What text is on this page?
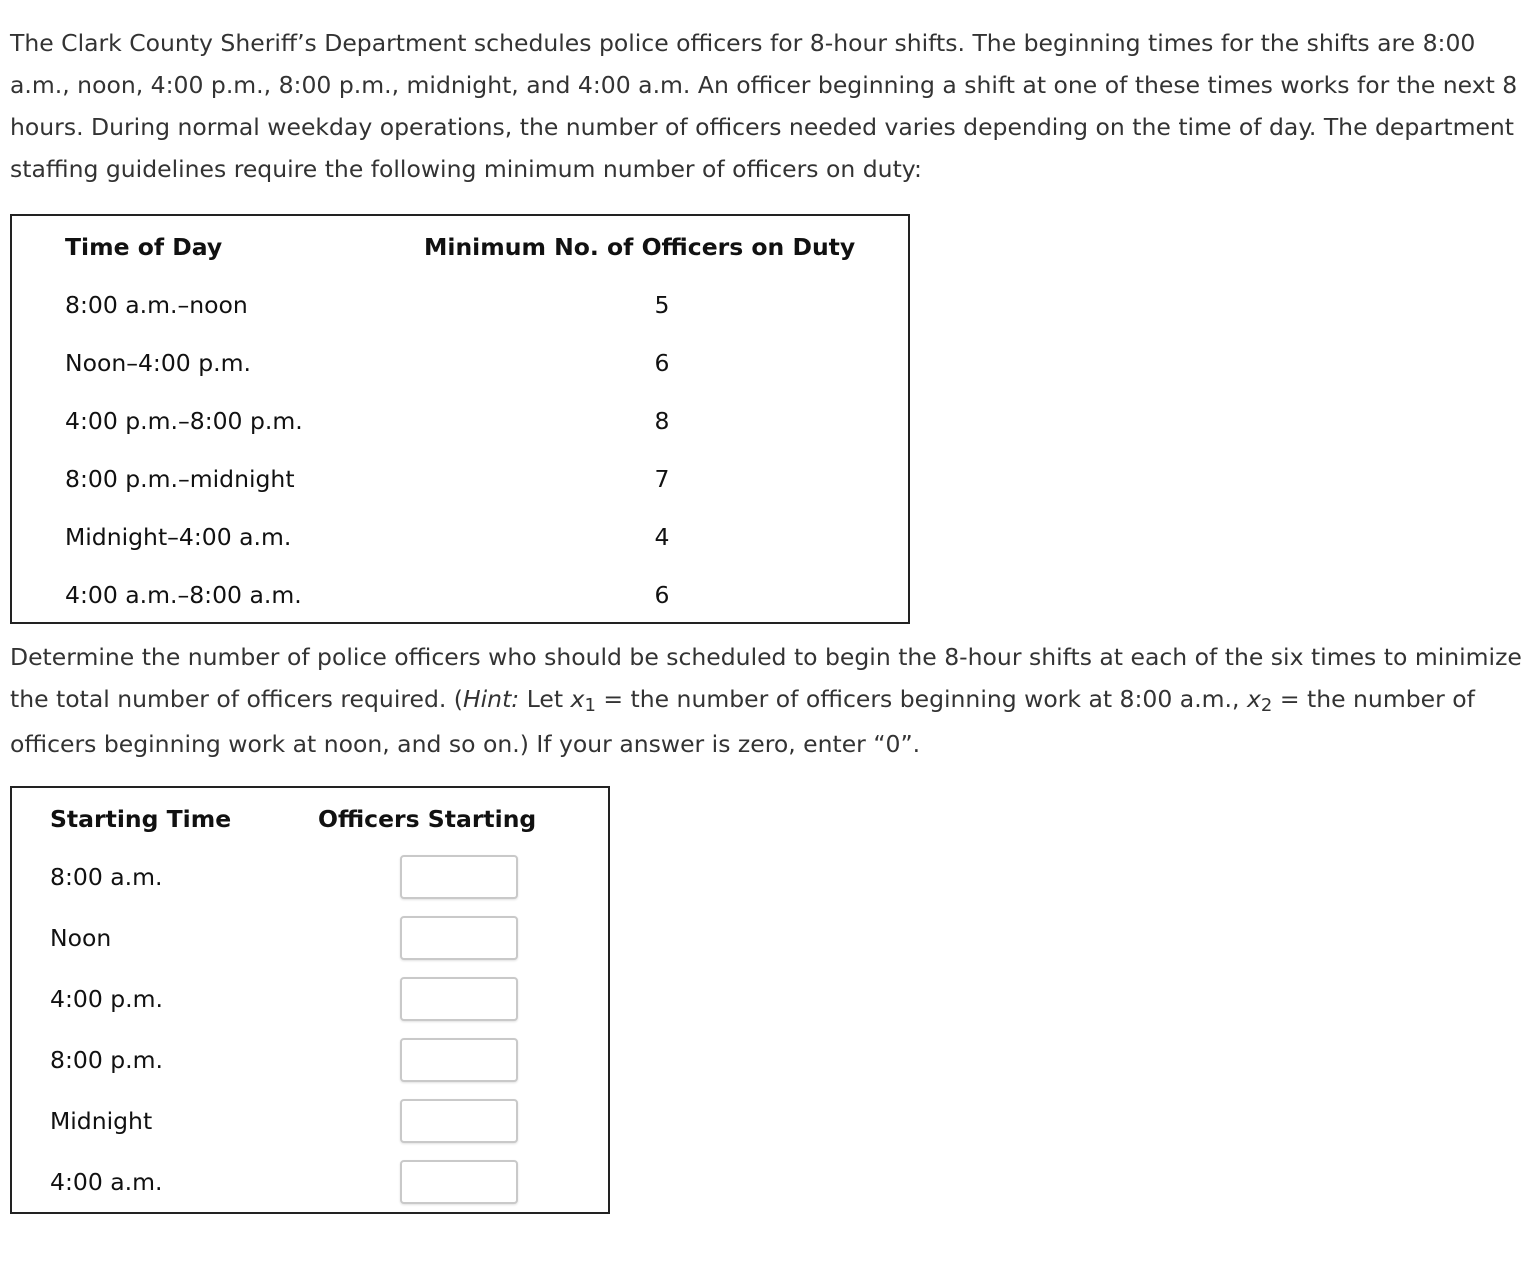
The Clark County Sheriff’s Department schedules police officers for 8-hour shifts. The beginning times for the shifts are 8:00 a.m., noon, 4:00 p.m., 8:00 p.m., midnight, and 4:00 a.m. An officer beginning a shift at one of these times works for the next 8 hours. During normal weekday operations, the number of officers needed varies depending on the time of day. The department staffing guidelines require the following minimum number of officers on duty:

Time of Day	Minimum No. of Officers on Duty
8:00 a.m.–noon	5
Noon–4:00 p.m.	6
4:00 p.m.–8:00 p.m.	8
8:00 p.m.–midnight	7
Midnight–4:00 a.m.	4
4:00 a.m.–8:00 a.m.	6

Determine the number of police officers who should be scheduled to begin the 8-hour shifts at each of the six times to minimize the total number of officers required. (Hint: Let x1 = the number of officers beginning work at 8:00 a.m., x2 = the number of officers beginning work at noon, and so on.) If your answer is zero, enter “0”.

Starting Time	Officers Starting
8:00 a.m.
Noon
4:00 p.m.
8:00 p.m.
Midnight
4:00 a.m.
